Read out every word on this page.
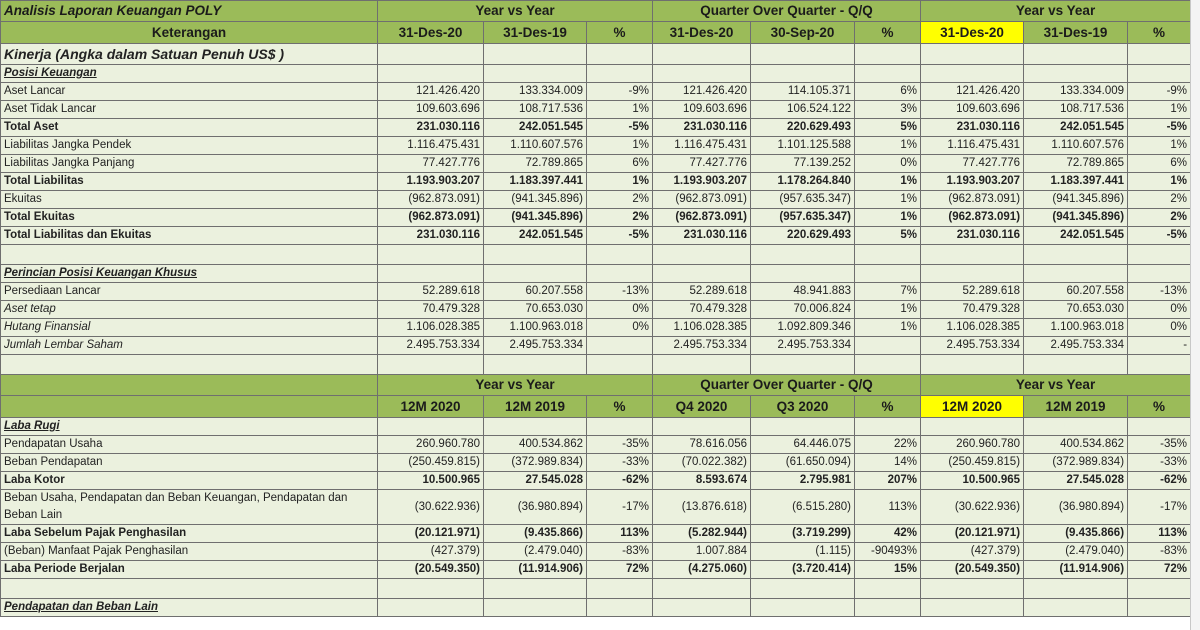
Analisis Laporan Keuangan POLY	Year vs Year			Quarter Over Quarter - Q/Q			Year vs Year		
Keterangan	31-Des-20	31-Des-19	%	31-Des-20	30-Sep-20	%	31-Des-20	31-Des-19	%
Kinerja (Angka dalam Satuan Penuh US$ )									
Posisi Keuangan									
Aset Lancar	121.426.420	133.334.009	-9%	121.426.420	114.105.371	6%	121.426.420	133.334.009	-9%
Aset Tidak Lancar	109.603.696	108.717.536	1%	109.603.696	106.524.122	3%	109.603.696	108.717.536	1%
Total Aset	231.030.116	242.051.545	-5%	231.030.116	220.629.493	5%	231.030.116	242.051.545	-5%
Liabilitas Jangka Pendek	1.116.475.431	1.110.607.576	1%	1.116.475.431	1.101.125.588	1%	1.116.475.431	1.110.607.576	1%
Liabilitas Jangka Panjang	77.427.776	72.789.865	6%	77.427.776	77.139.252	0%	77.427.776	72.789.865	6%
Total Liabilitas	1.193.903.207	1.183.397.441	1%	1.193.903.207	1.178.264.840	1%	1.193.903.207	1.183.397.441	1%
Ekuitas	(962.873.091)	(941.345.896)	2%	(962.873.091)	(957.635.347)	1%	(962.873.091)	(941.345.896)	2%
Total Ekuitas	(962.873.091)	(941.345.896)	2%	(962.873.091)	(957.635.347)	1%	(962.873.091)	(941.345.896)	2%
Total Liabilitas dan Ekuitas	231.030.116	242.051.545	-5%	231.030.116	220.629.493	5%	231.030.116	242.051.545	-5%

Perincian Posisi Keuangan Khusus									
Persediaan Lancar	52.289.618	60.207.558	-13%	52.289.618	48.941.883	7%	52.289.618	60.207.558	-13%
Aset tetap	70.479.328	70.653.030	0%	70.479.328	70.006.824	1%	70.479.328	70.653.030	0%
Hutang Finansial	1.106.028.385	1.100.963.018	0%	1.106.028.385	1.092.809.346	1%	1.106.028.385	1.100.963.018	0%
Jumlah Lembar Saham	2.495.753.334	2.495.753.334		2.495.753.334	2.495.753.334		2.495.753.334	2.495.753.334	-

	Year vs Year			Quarter Over Quarter - Q/Q			Year vs Year		
	12M 2020	12M 2019	%	Q4 2020	Q3 2020	%	12M 2020	12M 2019	%
Laba Rugi									
Pendapatan Usaha	260.960.780	400.534.862	-35%	78.616.056	64.446.075	22%	260.960.780	400.534.862	-35%
Beban Pendapatan	(250.459.815)	(372.989.834)	-33%	(70.022.382)	(61.650.094)	14%	(250.459.815)	(372.989.834)	-33%
Laba Kotor	10.500.965	27.545.028	-62%	8.593.674	2.795.981	207%	10.500.965	27.545.028	-62%
Beban Usaha, Pendapatan dan Beban Keuangan, Pendapatan dan Beban Lain	(30.622.936)	(36.980.894)	-17%	(13.876.618)	(6.515.280)	113%	(30.622.936)	(36.980.894)	-17%
Laba Sebelum Pajak Penghasilan	(20.121.971)	(9.435.866)	113%	(5.282.944)	(3.719.299)	42%	(20.121.971)	(9.435.866)	113%
(Beban) Manfaat Pajak Penghasilan	(427.379)	(2.479.040)	-83%	1.007.884	(1.115)	-90493%	(427.379)	(2.479.040)	-83%
Laba Periode Berjalan	(20.549.350)	(11.914.906)	72%	(4.275.060)	(3.720.414)	15%	(20.549.350)	(11.914.906)	72%

Pendapatan dan Beban Lain									
